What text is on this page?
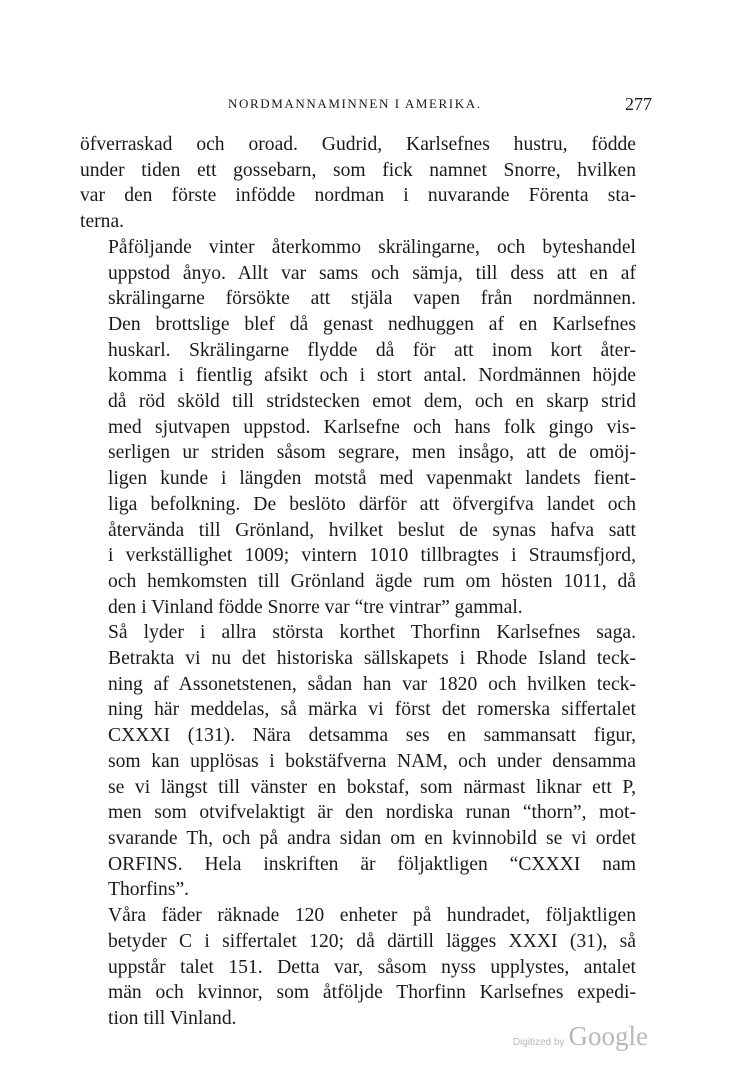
NORDMANNAMINNEN I AMERIKA.	277

öfverraskad och oroad. Gudrid, Karlsefnes hustru, födde
under tiden ett gossebarn, som fick namnet Snorre, hvilken
var den förste infödde nordman i nuvarande Förenta sta-
terna.

Påföljande vinter återkommo skrälingarne, och byteshandel
uppstod ånyo. Allt var sams och sämja, till dess att en af
skrälingarne försökte att stjäla vapen från nordmännen.
Den brottslige blef då genast nedhuggen af en Karlsefnes
huskarl. Skrälingarne flydde då för att inom kort åter-
komma i fientlig afsikt och i stort antal. Nordmännen höjde
då röd sköld till stridstecken emot dem, och en skarp strid
med sjutvapen uppstod. Karlsefne och hans folk gingo vis-
serligen ur striden såsom segrare, men insågo, att de omöj-
ligen kunde i längden motstå med vapenmakt landets fient-
liga befolkning. De beslöto därför att öfvergifva landet och
återvända till Grönland, hvilket beslut de synas hafva satt
i verkställighet 1009; vintern 1010 tillbragtes i Straumsfjord,
och hemkomsten till Grönland ägde rum om hösten 1011, då
den i Vinland födde Snorre var “tre vintrar” gammal.

Så lyder i allra största korthet Thorfinn Karlsefnes saga.
Betrakta vi nu det historiska sällskapets i Rhode Island teck-
ning af Assonetstenen, sådan han var 1820 och hvilken teck-
ning här meddelas, så märka vi först det romerska siffertalet
CXXXI (131). Nära detsamma ses en sammansatt figur,
som kan upplösas i bokstäfverna NAM, och under densamma
se vi längst till vänster en bokstaf, som närmast liknar ett P,
men som otvifvelaktigt är den nordiska runan “thorn”, mot-
svarande Th, och på andra sidan om en kvinnobild se vi ordet
ORFINS. Hela inskriften är följaktligen “CXXXI nam
Thorfins”.

Våra fäder räknade 120 enheter på hundradet, följaktligen
betyder C i siffertalet 120; då därtill lägges XXXI (31), så
uppstår talet 151. Detta var, såsom nyss upplystes, antalet
män och kvinnor, som åtföljde Thorfinn Karlsefnes expedi-
tion till Vinland.

Digitized by Google
